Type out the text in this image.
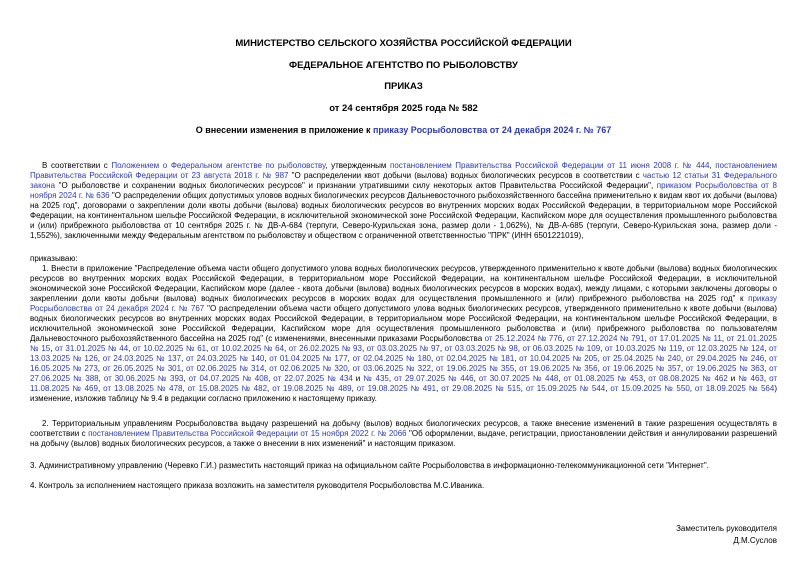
МИНИСТЕРСТВО СЕЛЬСКОГО ХОЗЯЙСТВА РОССИЙСКОЙ ФЕДЕРАЦИИ
ФЕДЕРАЛЬНОЕ АГЕНТСТВО ПО РЫБОЛОВСТВУ
ПРИКАЗ
от 24 сентября 2025 года № 582
О внесении изменения в приложение к приказу Росрыболовства от 24 декабря 2024 г. № 767

В соответствии с Положением о Федеральном агентстве по рыболовству, утвержденным постановлением Правительства Российской Федерации от 11 июня 2008 г. № 444, постановлением Правительства Российской Федерации от 23 августа 2018 г. № 987 "О распределении квот добычи (вылова) водных биологических ресурсов в соответствии с частью 12 статьи 31 Федерального закона "О рыболовстве и сохранении водных биологических ресурсов" и признании утратившими силу некоторых актов Правительства Российской Федерации", приказом Росрыболовства от 8 ноября 2024 г. № 636 "О распределении общих допустимых уловов водных биологических ресурсов Дальневосточного рыбохозяйственного бассейна применительно к видам квот их добычи (вылова) на 2025 год", договорами о закреплении доли квоты добычи (вылова) водных биологических ресурсов во внутренних морских водах Российской Федерации, в территориальном море Российской Федерации, на континентальном шельфе Российской Федерации, в исключительной экономической зоне Российской Федерации, Каспийском море для осуществления промышленного рыболовства и (или) прибрежного рыболовства от 10 сентября 2025 г. № ДВ-А-684 (терпуги, Северо-Курильская зона, размер доли - 1,062%), № ДВ-А-685 (терпуги, Северо-Курильская зона, размер доли - 1,552%), заключенными между Федеральным агентством по рыболовству и обществом с ограниченной ответственностью "ПРК" (ИНН 6501221019),

приказываю:

1. Внести в приложение "Распределение объема части общего допустимого улова водных биологических ресурсов, утвержденного применительно к квоте добычи (вылова) водных биологических ресурсов во внутренних морских водах Российской Федерации, в территориальном море Российской Федерации, на континентальном шельфе Российской Федерации, в исключительной экономической зоне Российской Федерации, Каспийском море (далее - квота добычи (вылова) водных биологических ресурсов в морских водах), между лицами, с которыми заключены договоры о закреплении доли квоты добычи (вылова) водных биологических ресурсов в морских водах для осуществления промышленного и (или) прибрежного рыболовства на 2025 год" к приказу Росрыболовства от 24 декабря 2024 г. № 767 "О распределении объема части общего допустимого улова водных биологических ресурсов, утвержденного применительно к квоте добычи (вылова) водных биологических ресурсов во внутренних морских водах Российской Федерации, в территориальном море Российской Федерации, на континентальном шельфе Российской Федерации, в исключительной экономической зоне Российской Федерации, Каспийском море для осуществления промышленного рыболовства и (или) прибрежного рыболовства по пользователям Дальневосточного рыбохозяйственного бассейна на 2025 год" (с изменениями, внесенными приказами Росрыболовства от 25.12.2024 № 776, от 27.12.2024 № 791, от 17.01.2025 № 11, от 21.01.2025 № 15, от 31.01.2025 № 44, от 10.02.2025 № 61, от 10.02.2025 № 64, от 26.02.2025 № 93, от 03.03.2025 № 97, от 03.03.2025 № 98, от 06.03.2025 № 109, от 10.03.2025 № 119, от 12.03.2025 № 124, от 13.03.2025 № 126, от 24.03.2025 № 137, от 24.03.2025 № 140, от 01.04.2025 № 177, от 02.04.2025 № 180, от 02.04.2025 № 181, от 10.04.2025 № 205, от 25.04.2025 № 240, от 29.04.2025 № 246, от 16.05.2025 № 273, от 26.05.2025 № 301, от 02.06.2025 № 314, от 02.06.2025 № 320, от 03.06.2025 № 322, от 19.06.2025 № 355, от 19.06.2025 № 356, от 19.06.2025 № 357, от 19.06.2025 № 363, от 27.06.2025 № 388, от 30.06.2025 № 393, от 04.07.2025 № 408, от 22.07.2025 № 434 и № 435, от 29.07.2025 № 446, от 30.07.2025 № 448, от 01.08.2025 № 453, от 08.08.2025 № 462 и № 463, от 11.08.2025 № 469, от 13.08.2025 № 478, от 15.08.2025 № 482, от 19.08.2025 № 489, от 19.08.2025 № 491, от 29.08.2025 № 515, от 15.09.2025 № 544, от 15.09.2025 № 550, от 18.09.2025 № 564) изменение, изложив таблицу № 9.4 в редакции согласно приложению к настоящему приказу.

2. Территориальным управлениям Росрыболовства выдачу разрешений на добычу (вылов) водных биологических ресурсов, а также внесение изменений в такие разрешения осуществлять в соответствии с постановлением Правительства Российской Федерации от 15 ноября 2022 г. № 2066 "Об оформлении, выдаче, регистрации, приостановлении действия и аннулировании разрешений на добычу (вылов) водных биологических ресурсов, а также о внесении в них изменений" и настоящим приказом.

3. Административному управлению (Черевко Г.И.) разместить настоящий приказ на официальном сайте Росрыболовства в информационно-телекоммуникационной сети "Интернет".

4. Контроль за исполнением настоящего приказа возложить на заместителя руководителя Росрыболовства М.С.Иваника.

Заместитель руководителя
Д.М.Суслов
